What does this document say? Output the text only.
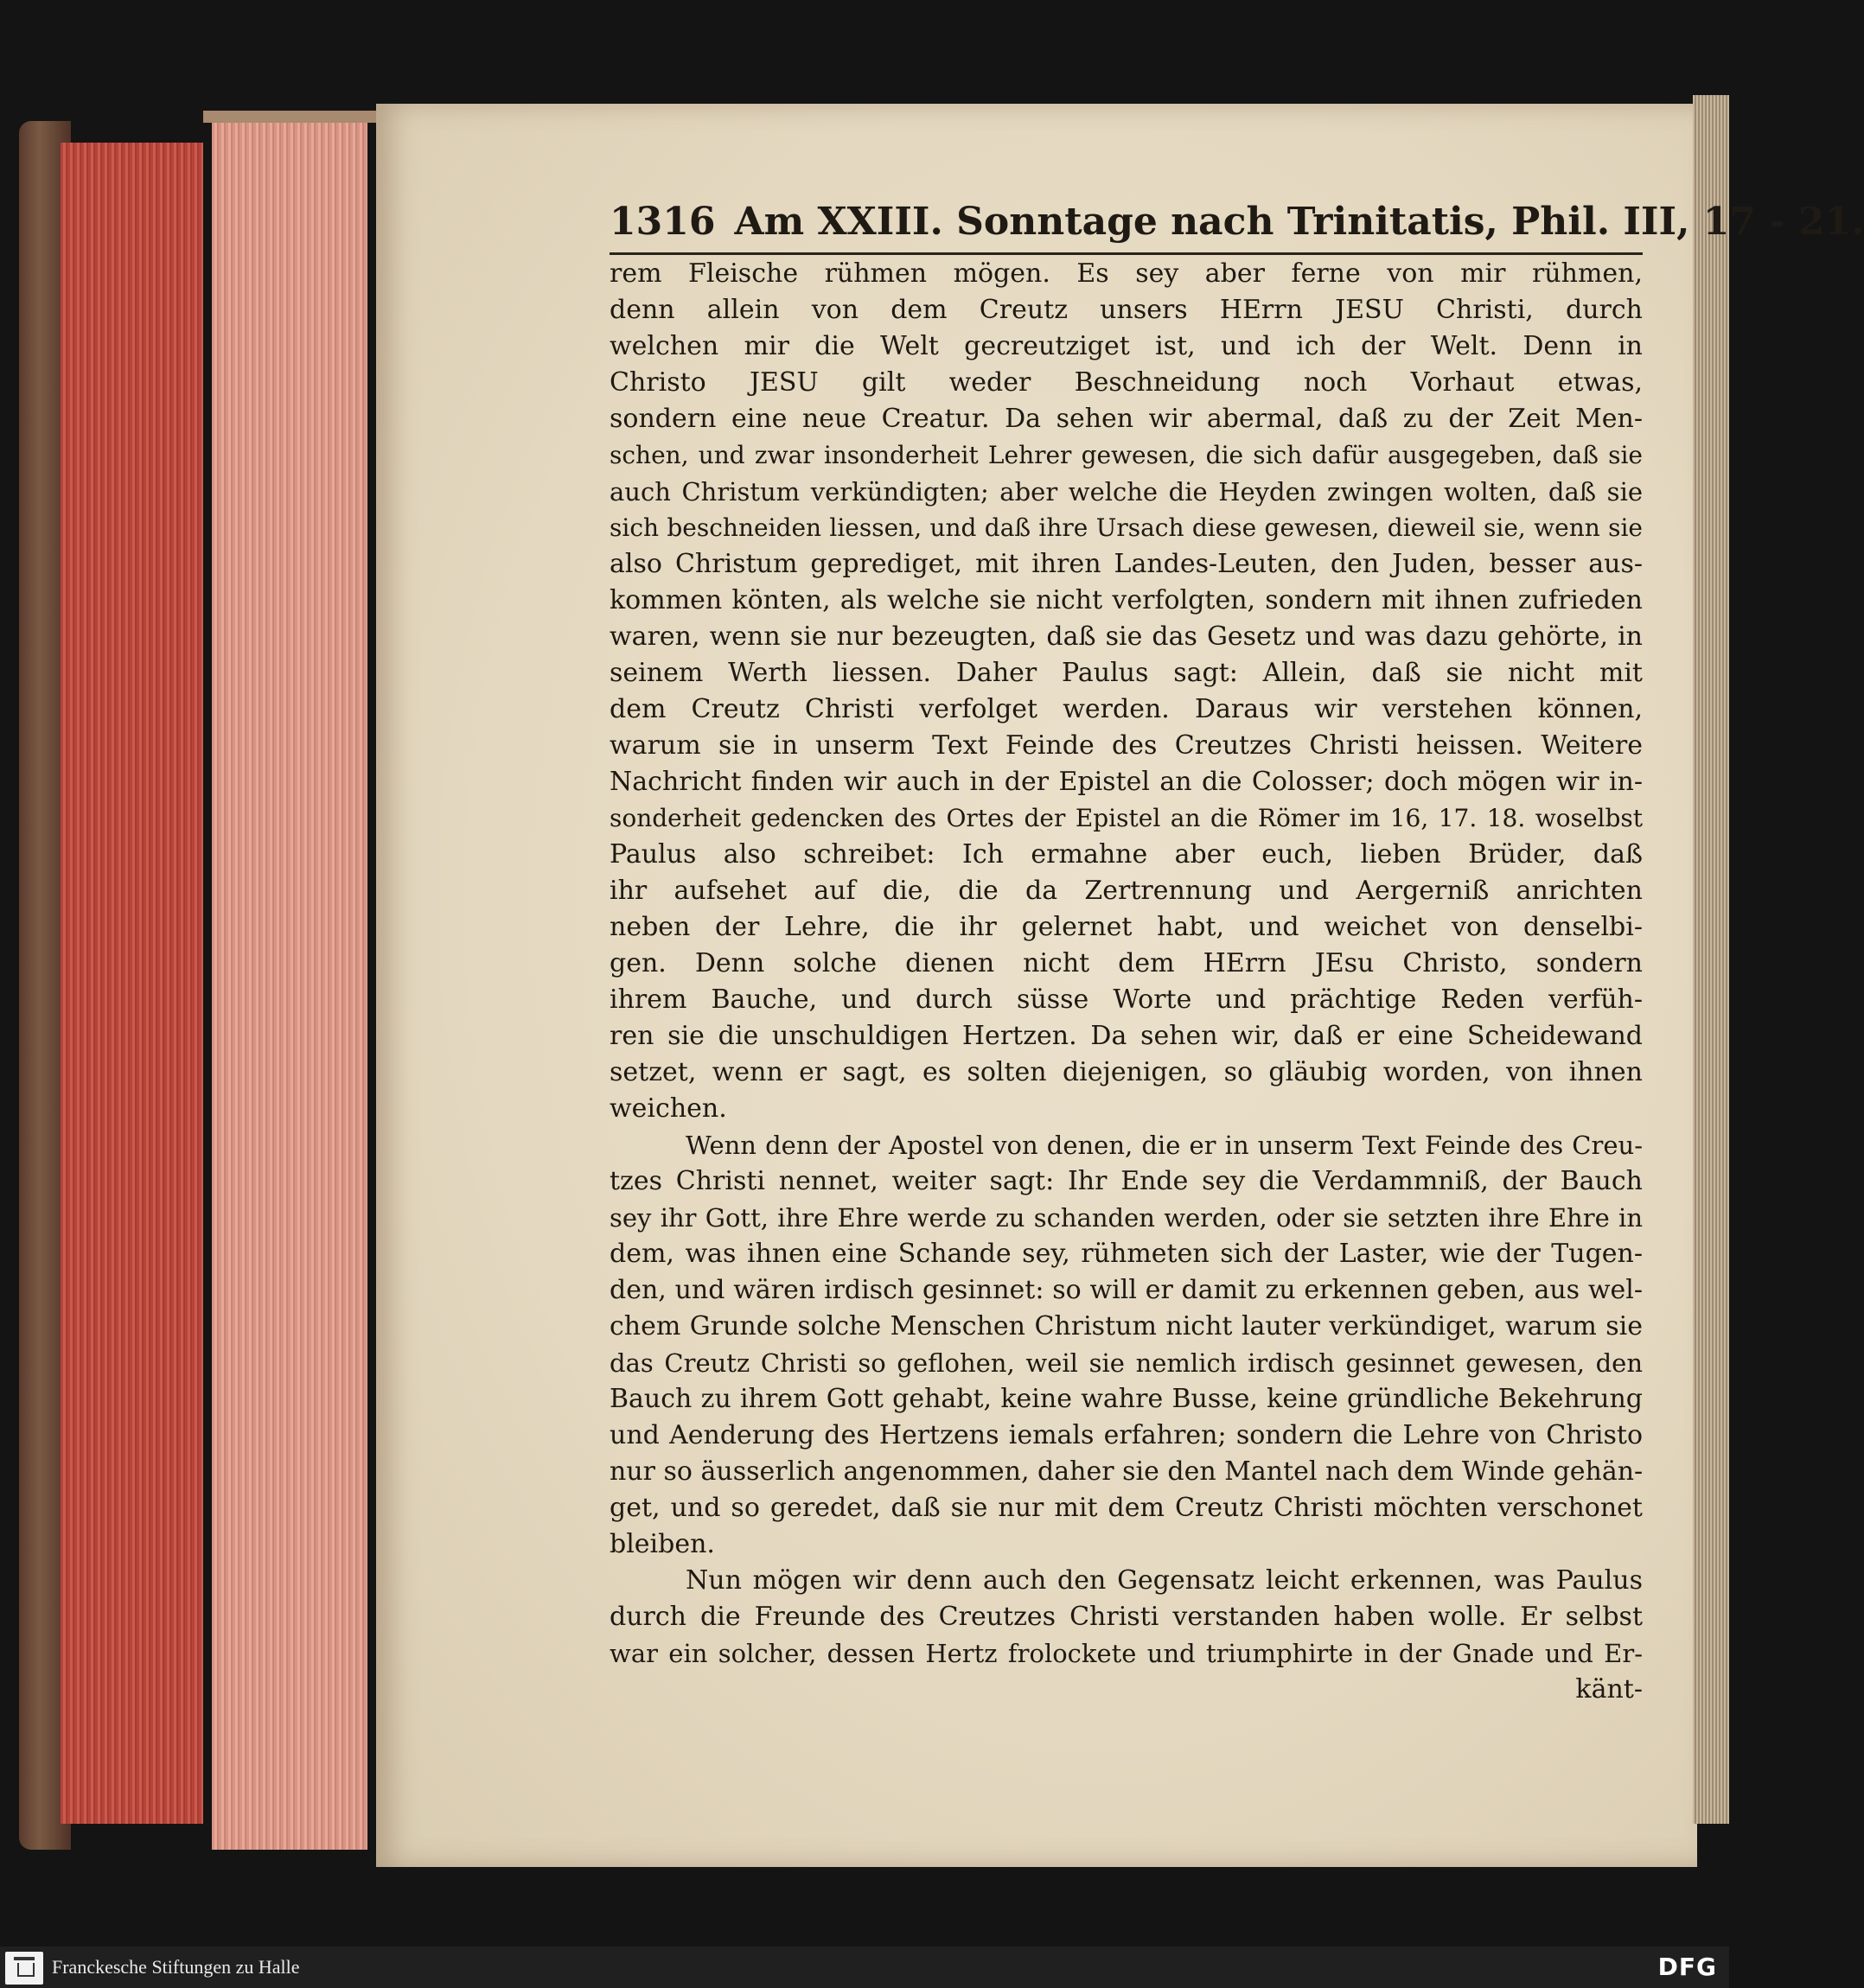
1316 Am XXIII. Sonntage nach Trinitatis, Phil. III, 17 - 21.
rem Fleische rühmen mögen. Es sey aber ferne von mir rühmen,
denn allein von dem Creutz unsers HErrn JESU Christi, durch
welchen mir die Welt gecreutziget ist, und ich der Welt. Denn in
Christo JESU gilt weder Beschneidung noch Vorhaut etwas,
sondern eine neue Creatur. Da sehen wir abermal, daß zu der Zeit Men-
schen, und zwar insonderheit Lehrer gewesen, die sich dafür ausgegeben, daß sie
auch Christum verkündigten; aber welche die Heyden zwingen wolten, daß sie
sich beschneiden liessen, und daß ihre Ursach diese gewesen, dieweil sie, wenn sie
also Christum geprediget, mit ihren Landes-Leuten, den Juden, besser aus-
kommen könten, als welche sie nicht verfolgten, sondern mit ihnen zufrieden
waren, wenn sie nur bezeugten, daß sie das Gesetz und was dazu gehörte, in
seinem Werth liessen. Daher Paulus sagt: Allein, daß sie nicht mit
dem Creutz Christi verfolget werden. Daraus wir verstehen können,
warum sie in unserm Text Feinde des Creutzes Christi heissen. Weitere
Nachricht finden wir auch in der Epistel an die Colosser; doch mögen wir in-
sonderheit gedencken des Ortes der Epistel an die Römer im 16, 17. 18. woselbst
Paulus also schreibet: Ich ermahne aber euch, lieben Brüder, daß
ihr aufsehet auf die, die da Zertrennung und Aergerniß anrichten
neben der Lehre, die ihr gelernet habt, und weichet von denselbi-
gen. Denn solche dienen nicht dem HErrn JEsu Christo, sondern
ihrem Bauche, und durch süsse Worte und prächtige Reden verfüh-
ren sie die unschuldigen Hertzen. Da sehen wir, daß er eine Scheidewand
setzet, wenn er sagt, es solten diejenigen, so gläubig worden, von ihnen
weichen.
Wenn denn der Apostel von denen, die er in unserm Text Feinde des Creu-
tzes Christi nennet, weiter sagt: Ihr Ende sey die Verdammniß, der Bauch
sey ihr Gott, ihre Ehre werde zu schanden werden, oder sie setzten ihre Ehre in
dem, was ihnen eine Schande sey, rühmeten sich der Laster, wie der Tugen-
den, und wären irdisch gesinnet: so will er damit zu erkennen geben, aus wel-
chem Grunde solche Menschen Christum nicht lauter verkündiget, warum sie
das Creutz Christi so geflohen, weil sie nemlich irdisch gesinnet gewesen, den
Bauch zu ihrem Gott gehabt, keine wahre Busse, keine gründliche Bekehrung
und Aenderung des Hertzens iemals erfahren; sondern die Lehre von Christo
nur so äusserlich angenommen, daher sie den Mantel nach dem Winde gehän-
get, und so geredet, daß sie nur mit dem Creutz Christi möchten verschonet
bleiben.
Nun mögen wir denn auch den Gegensatz leicht erkennen, was Paulus
durch die Freunde des Creutzes Christi verstanden haben wolle. Er selbst
war ein solcher, dessen Hertz frolockete und triumphirte in der Gnade und Er-
känt-
Franckesche Stiftungen zu Halle	DFG
